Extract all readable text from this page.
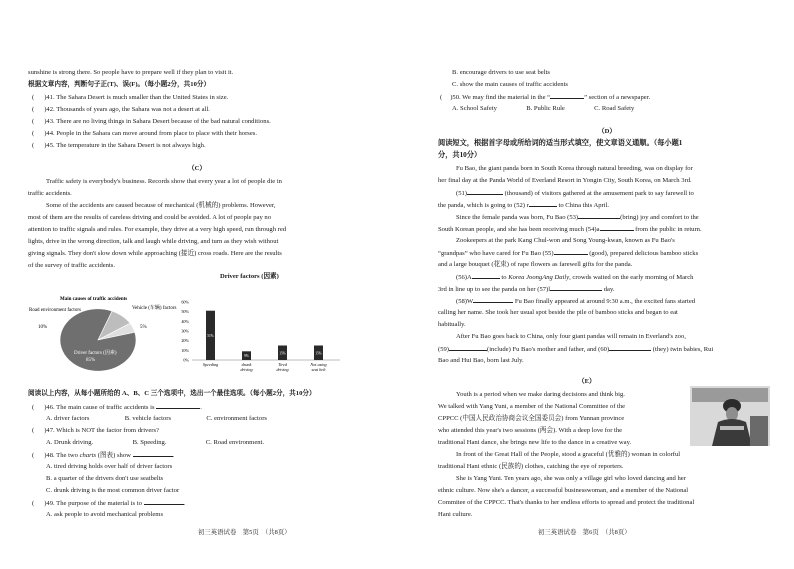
sunshine is strong there. So people have to prepare well if they plan to visit it.
根据文章内容，判断句子正(T)、误(F)。（每小题2分，共10分）
( )41. The Sahara Desert is much smaller than the United States in size.
( )42. Thousands of years ago, the Sahara was not a desert at all.
( )43. There are no living things in Sahara Desert because of the bad natural conditions.
( )44. People in the Sahara can move around from place to place with their horses.
( )45. The temperature in the Sahara Desert is not always high.
（C）
Traffic safety is everybody's business. Records show that every year a lot of people die in
traffic accidents.
Some of the accidents are caused because of mechanical (机械的) problems. However,
most of them are the results of careless driving and could be avoided. A lot of people pay no
attention to traffic signals and rules. For example, they drive at a very high speed, run through red
lights, drive in the wrong direction, talk and laugh while driving, and turn as they wish without
giving signals. They don't slow down while approaching (接近) cross roads. Here are the results
of the survey of traffic accidents.
Driver factors (因素)
Main causes of traffic accidents
Road environment factors
10%
Vehicle (车辆) factors
5%
Driver factors (因素)
85%	0%
10%
20%
30%
40%
50%
60%
51%
Speeding
9%
drunk
driving
15%
Tired
driving
15%
Not using
seat belt
阅读以上内容，从每小题所给的 A、B、C 三个选项中，选出一个最佳选项。（每小题2分，共10分）
( )46. The main cause of traffic accidents is	.
A. driver factors	B. vehicle factors	C. environment factors
( )47. Which is NOT the factor from drivers?
A. Drunk driving.	B. Speeding.	C. Road environment.
( )48. The two charts (图表) show	.
A. tired driving holds over half of driver factors
B. a quarter of the drivers don't use seatbelts
C. drunk driving is the most common driver factor
( )49. The purpose of the material is to	.
A. ask people to avoid mechanical problems
初三英语试卷　第5页　（共8页）
B. encourage drivers to use seat belts
C. show the main causes of traffic accidents
( )50. We may find the material in the “	” section of a newspaper.
A. School Safety	B. Public Rule	C. Road Safety
（D）
阅读短文，根据首字母或所给词的适当形式填空，使文章语义通顺。（每小题1
分，共10分）
Fu Bao, the giant panda born in South Korea through natural breeding, was on display for
her final day at the Panda World of Everland Resort in Yongin City, South Korea, on March 3rd.
(51)	(thousand) of visitors gathered at the amusement park to say farewell to
the panda, which is going to (52) r	to China this April.
Since the female panda was born, Fu Bao (53)	(bring) joy and comfort to the
South Korean people, and she has been receiving much (54)a	from the public in return.
Zookeepers at the park Kang Chul-won and Song Young-kwan, known as Fu Bao's
“grandpas” who have cared for Fu Bao (55)	(good), prepared delicious bamboo sticks
and a large bouquet (花束) of rape flowers as farewell gifts for the panda.
(56)A	to Korea JoongAng Daily, crowds waited on the early morning of March
3rd in line up to see the panda on her (57)l	day.
(58)W	Fu Bao finally appeared at around 9:30 a.m., the excited fans started
calling her name. She took her usual spot beside the pile of bamboo sticks and began to eat
habitually.
After Fu Bao goes back to China, only four giant pandas will remain in Everland's zoo,
(59)	(include) Fu Bao's mother and father, and (60)	(they) twin babies, Rui
Bao and Hui Bao, born last July.
（E）
Youth is a period when we make daring decisions and think big.
We talked with Yang Yuni, a member of the National Committee of the
CPPCC (中国人民政治协商会议全国委员会) from Yunnan province
who attended this year's two sessions (两会). With a deep love for the
traditional Hani dance, she brings new life to the dance in a creative way.
In front of the Great Hall of the People, stood a graceful (优雅的) woman in colorful
traditional Hani ethnic (民族的) clothes, catching the eye of reporters.
She is Yang Yuni. Ten years ago, she was only a village girl who loved dancing and her
ethnic culture. Now she's a dancer, a successful businesswoman, and a member of the National
Commitee of the CPPCC. That's thanks to her endless efforts to spread and protect the traditional
Hani culture.
初三英语试卷　第6页　（共8页）
